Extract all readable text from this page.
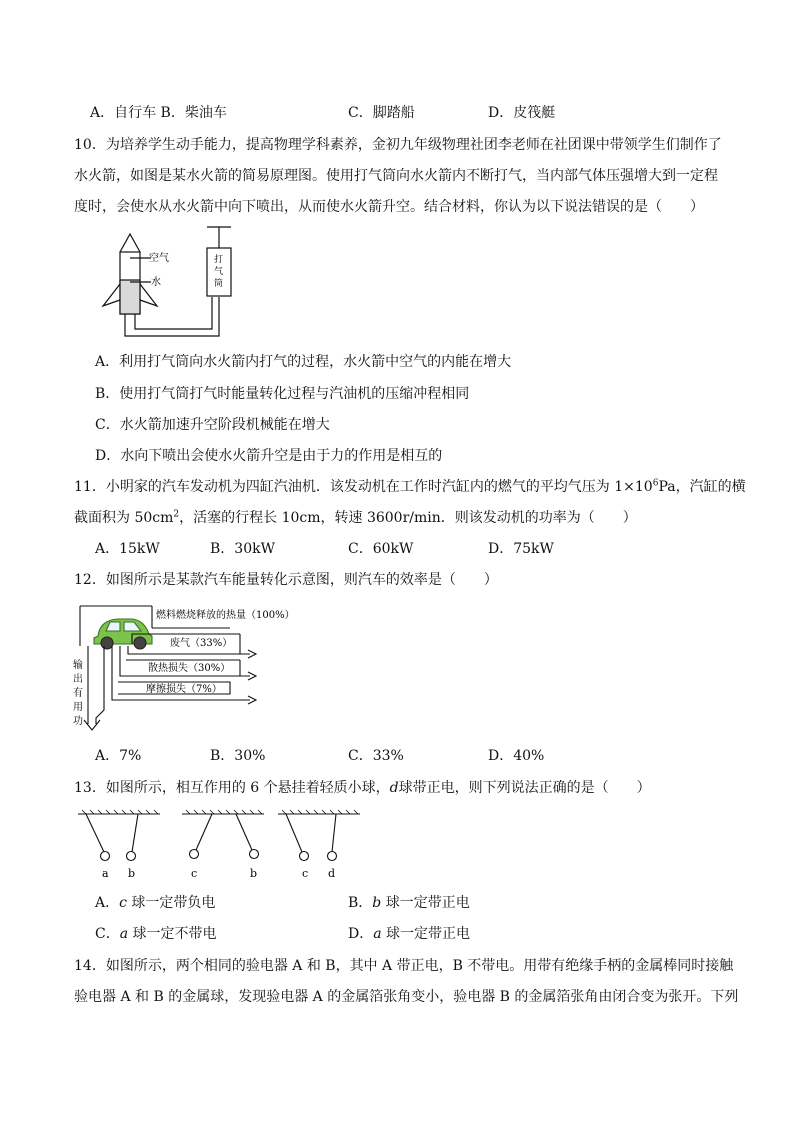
A．自行车 B．柴油车	C．脚踏船	D．皮筏艇
10．为培养学生动手能力，提高物理学科素养，金初九年级物理社团李老师在社团课中带领学生们制作了
水火箭，如图是某水火箭的简易原理图。使用打气筒向水火箭内不断打气，当内部气体压强增大到一定程
度时，会使水从水火箭中向下喷出，从而使水火箭升空。结合材料，你认为以下说法错误的是（　　）
空气
水
打
气
筒
A．利用打气筒向水火箭内打气的过程，水火箭中空气的内能在增大
B．使用打气筒打气时能量转化过程与汽油机的压缩冲程相同
C．水火箭加速升空阶段机械能在增大
D．水向下喷出会使水火箭升空是由于力的作用是相互的
11．小明家的汽车发动机为四缸汽油机．该发动机在工作时汽缸内的燃气的平均气压为 $1\times 10^6Pa$，汽缸的横
截面积为 $50cm^2$，活塞的行程长 10cm，转速 3600r/min．则该发动机的功率为（　　）
A．15kW	B．30kW	C．60kW	D．75kW
12．如图所示是某款汽车能量转化示意图，则汽车的效率是（　　）
燃料燃烧释放的热量（100%）
废气（33%）
散热损失（30%）
摩擦损失（7%）
输
出
有
用
功
A．7%	B．30%	C．33%	D．40%
13．如图所示，相互作用的 6 个悬挂着轻质小球，d球带正电，则下列说法正确的是（　　）
a b	c	b	c d
A．c 球一定带负电	B．b 球一定带正电
C．a 球一定不带电	D．a 球一定带正电
14．如图所示，两个相同的验电器 A 和 B，其中 A 带正电，B 不带电。用带有绝缘手柄的金属棒同时接触
验电器 A 和 B 的金属球，发现验电器 A 的金属箔张角变小，验电器 B 的金属箔张角由闭合变为张开。下列
